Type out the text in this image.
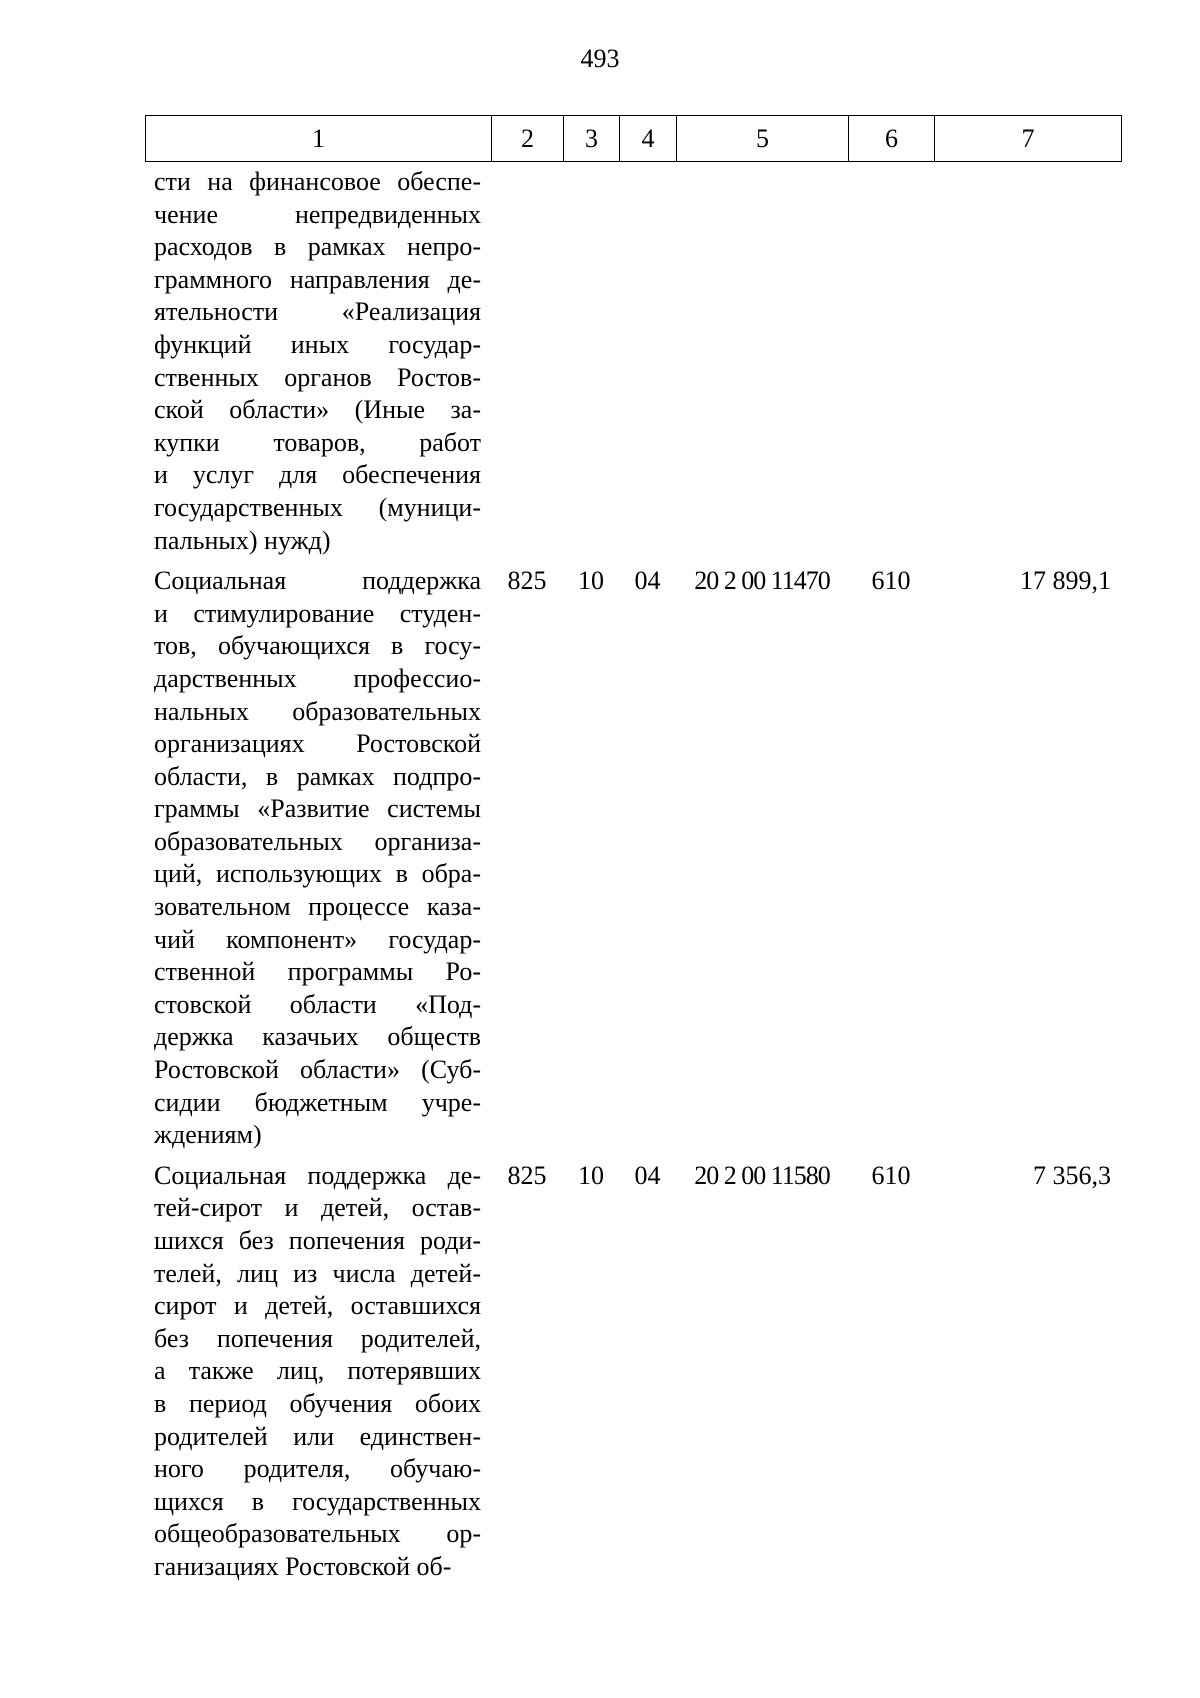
493
1	2	3	4	5	6	7
сти на финансовое обеспе-
чение непредвиденных
расходов в рамках непро-
граммного направления де-
ятельности «Реализация
функций иных государ-
ственных органов Ростов-
ской области» (Иные за-
купки товаров, работ
и услуг для обеспечения
государственных (муници-
пальных) нужд)
Социальная поддержка
и стимулирование студен-
тов, обучающихся в госу-
дарственных профессио-
нальных образовательных
организациях Ростовской
области, в рамках подпро-
граммы «Развитие системы
образовательных организа-
ций, использующих в обра-
зовательном процессе каза-
чий компонент» государ-
ственной программы Ро-
стовской области «Под-
держка казачьих обществ
Ростовской области» (Суб-
сидии бюджетным учре-
ждениям)
825	10	04	20 2 00 11470	610	17 899,1
Социальная поддержка де-
тей-сирот и детей, остав-
шихся без попечения роди-
телей, лиц из числа детей-
сирот и детей, оставшихся
без попечения родителей,
а также лиц, потерявших
в период обучения обоих
родителей или единствен-
ного родителя, обучаю-
щихся в государственных
общеобразовательных ор-
ганизациях Ростовской об-
825	10	04	20 2 00 11580	610	7 356,3
